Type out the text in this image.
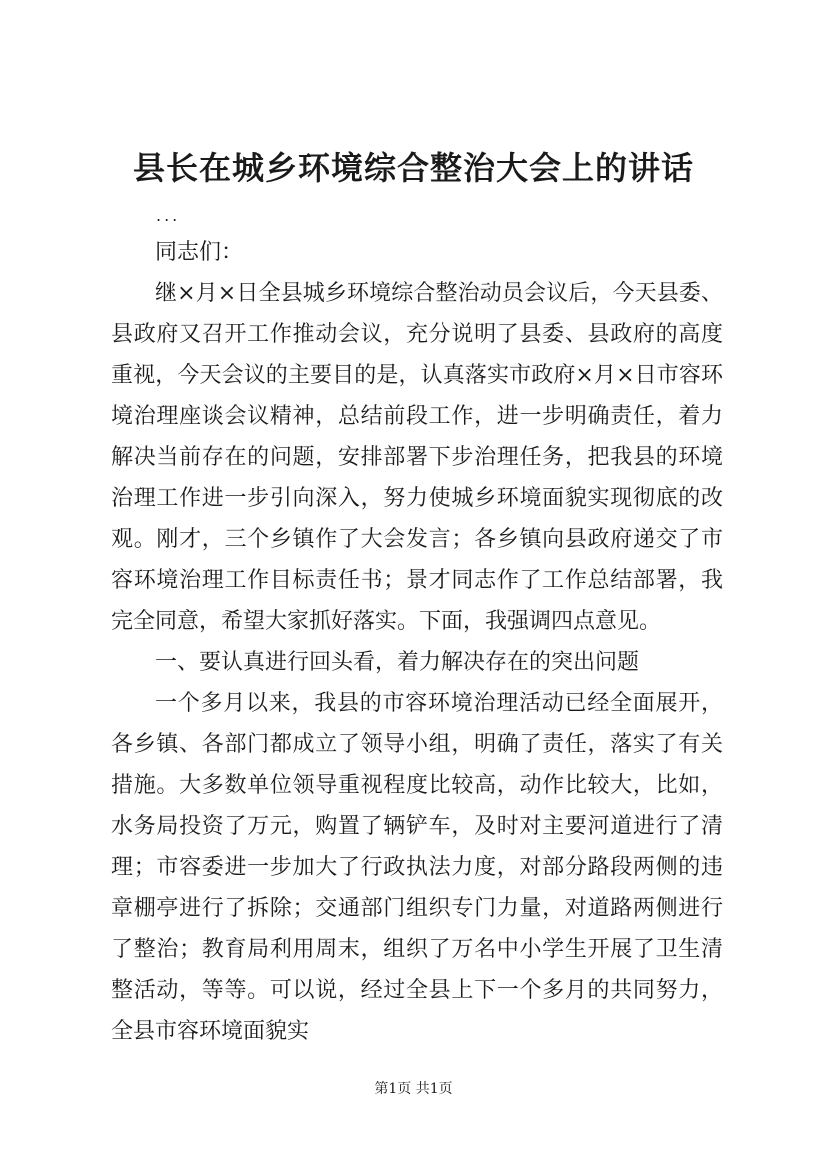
县长在城乡环境综合整治大会上的讲话
...

同志们：

继×月×日全县城乡环境综合整治动员会议后，今天县委、县政府又召开工作推动会议，充分说明了县委、县政府的高度重视，今天会议的主要目的是，认真落实市政府×月×日市容环境治理座谈会议精神，总结前段工作，进一步明确责任，着力解决当前存在的问题，安排部署下步治理任务，把我县的环境治理工作进一步引向深入，努力使城乡环境面貌实现彻底的改观。刚才，三个乡镇作了大会发言；各乡镇向县政府递交了市容环境治理工作目标责任书；景才同志作了工作总结部署，我完全同意，希望大家抓好落实。下面，我强调四点意见。

一、要认真进行回头看，着力解决存在的突出问题

一个多月以来，我县的市容环境治理活动已经全面展开，各乡镇、各部门都成立了领导小组，明确了责任，落实了有关措施。大多数单位领导重视程度比较高，动作比较大，比如，水务局投资了万元，购置了辆铲车，及时对主要河道进行了清理；市容委进一步加大了行政执法力度，对部分路段两侧的违章棚亭进行了拆除；交通部门组织专门力量，对道路两侧进行了整治；教育局利用周末，组织了万名中小学生开展了卫生清整活动，等等。可以说，经过全县上下一个多月的共同努力，全县市容环境面貌实

第1页 共1页
